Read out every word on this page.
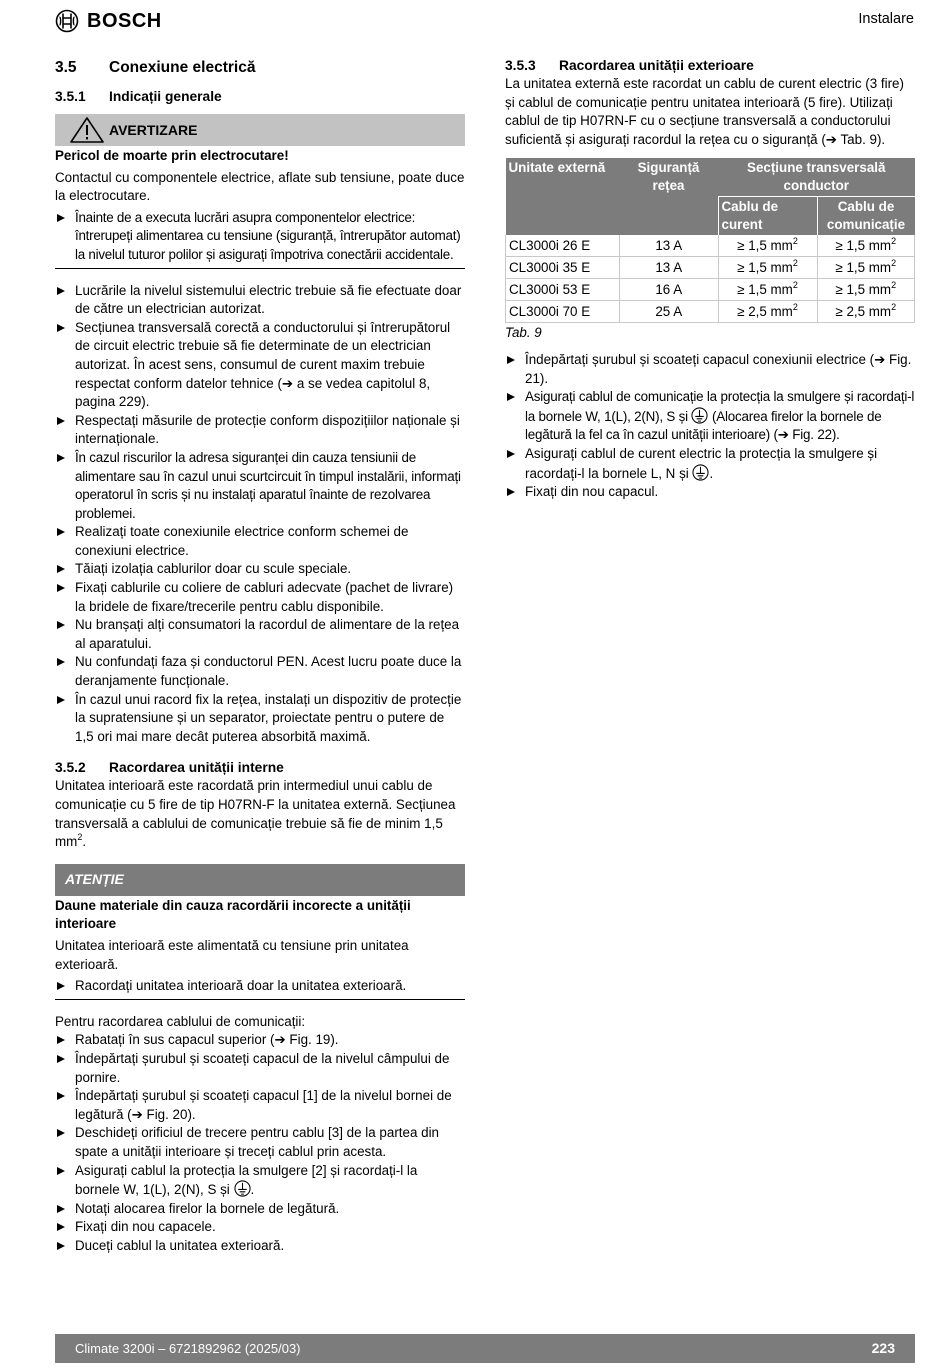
BOSCH	Instalare
3.5	Conexiune electrică
3.5.1	Indicații generale
AVERTIZARE

Pericol de moarte prin electrocutare!

Contactul cu componentele electrice, aflate sub tensiune, poate duce la electrocutare.

Înainte de a executa lucrări asupra componentelor electrice: întrerupeți alimentarea cu tensiune (siguranță, întrerupător automat) la nivelul tuturor polilor și asigurați împotriva conectării accidentale.
Lucrările la nivelul sistemului electric trebuie să fie efectuate doar de către un electrician autorizat.
Secțiunea transversală corectă a conductorului și întrerupătorul de circuit electric trebuie să fie determinate de un electrician autorizat. În acest sens, consumul de curent maxim trebuie respectat conform datelor tehnice (➔ a se vedea capitolul 8, pagina 229).
Respectați măsurile de protecție conform dispozițiilor naționale și internaționale.
În cazul riscurilor la adresa siguranței din cauza tensiunii de alimentare sau în cazul unui scurtcircuit în timpul instalării, informați operatorul în scris și nu instalați aparatul înainte de rezolvarea problemei.
Realizați toate conexiunile electrice conform schemei de conexiuni electrice.
Tăiați izolația cablurilor doar cu scule speciale.
Fixați cablurile cu coliere de cabluri adecvate (pachet de livrare) la bridele de fixare/trecerile pentru cablu disponibile.
Nu branșați alți consumatori la racordul de alimentare de la rețea al aparatului.
Nu confundați faza și conductorul PEN. Acest lucru poate duce la deranjamente funcționale.
În cazul unui racord fix la rețea, instalați un dispozitiv de protecție la supratensiune și un separator, proiectate pentru o putere de 1,5 ori mai mare decât puterea absorbită maximă.
3.5.2	Racordarea unității interne

Unitatea interioară este racordată prin intermediul unui cablu de comunicație cu 5 fire de tip H07RN-F la unitatea externă. Secțiunea transversală a cablului de comunicație trebuie să fie de minim 1,5 $mm^2$.

ATENȚIE

Daune materiale din cauza racordării incorecte a unității interioare

Unitatea interioară este alimentată cu tensiune prin unitatea exterioară.

Racordați unitatea interioară doar la unitatea exterioară.

Pentru racordarea cablului de comunicații:

Rabatați în sus capacul superior (➔ Fig. 19).
Îndepărtați șurubul și scoateți capacul de la nivelul câmpului de pornire.
Îndepărtați șurubul și scoateți capacul [1] de la nivelul bornei de legătură (➔ Fig. 20).
Deschideți orificiul de trecere pentru cablu [3] de la partea din spate a unității interioare și treceți cablul prin acesta.
Asigurați cablul la protecția la smulgere [2] și racordați-l la bornele W, 1(L), 2(N), S și .
Notați alocarea firelor la bornele de legătură.
Fixați din nou capacele.
Duceți cablul la unitatea exterioară.
3.5.3	Racordarea unității exterioare

La unitatea externă este racordat un cablu de curent electric (3 fire) și cablul de comunicație pentru unitatea interioară (5 fire). Utilizați cablul de tip H07RN-F cu o secțiune transversală a conductorului suficientă și asigurați racordul la rețea cu o siguranță (➔ Tab. 9).

Unitate externă	Siguranță rețea	Secțiune transversală conductor	
		Cablu de curent	Cablu de comunicație
CL3000i 26 E	13 A	≥ 1,5 $mm^2$	≥ 1,5 $mm^2$
CL3000i 35 E	13 A	≥ 1,5 $mm^2$	≥ 1,5 $mm^2$
CL3000i 53 E	16 A	≥ 1,5 $mm^2$	≥ 1,5 $mm^2$
CL3000i 70 E	25 A	≥ 2,5 $mm^2$	≥ 2,5 $mm^2$

Tab. 9

Îndepărtați șurubul și scoateți capacul conexiunii electrice (➔ Fig. 21).
Asigurați cablul de comunicație la protecția la smulgere și racordați-l la bornele W, 1(L), 2(N), S și  (Alocarea firelor la bornele de legătură la fel ca în cazul unității interioare) (➔ Fig. 22).
Asigurați cablul de curent electric la protecția la smulgere și racordați-l la bornele L, N și .
Fixați din nou capacul.
Climate 3200i – 6721892962 (2025/03)	223
